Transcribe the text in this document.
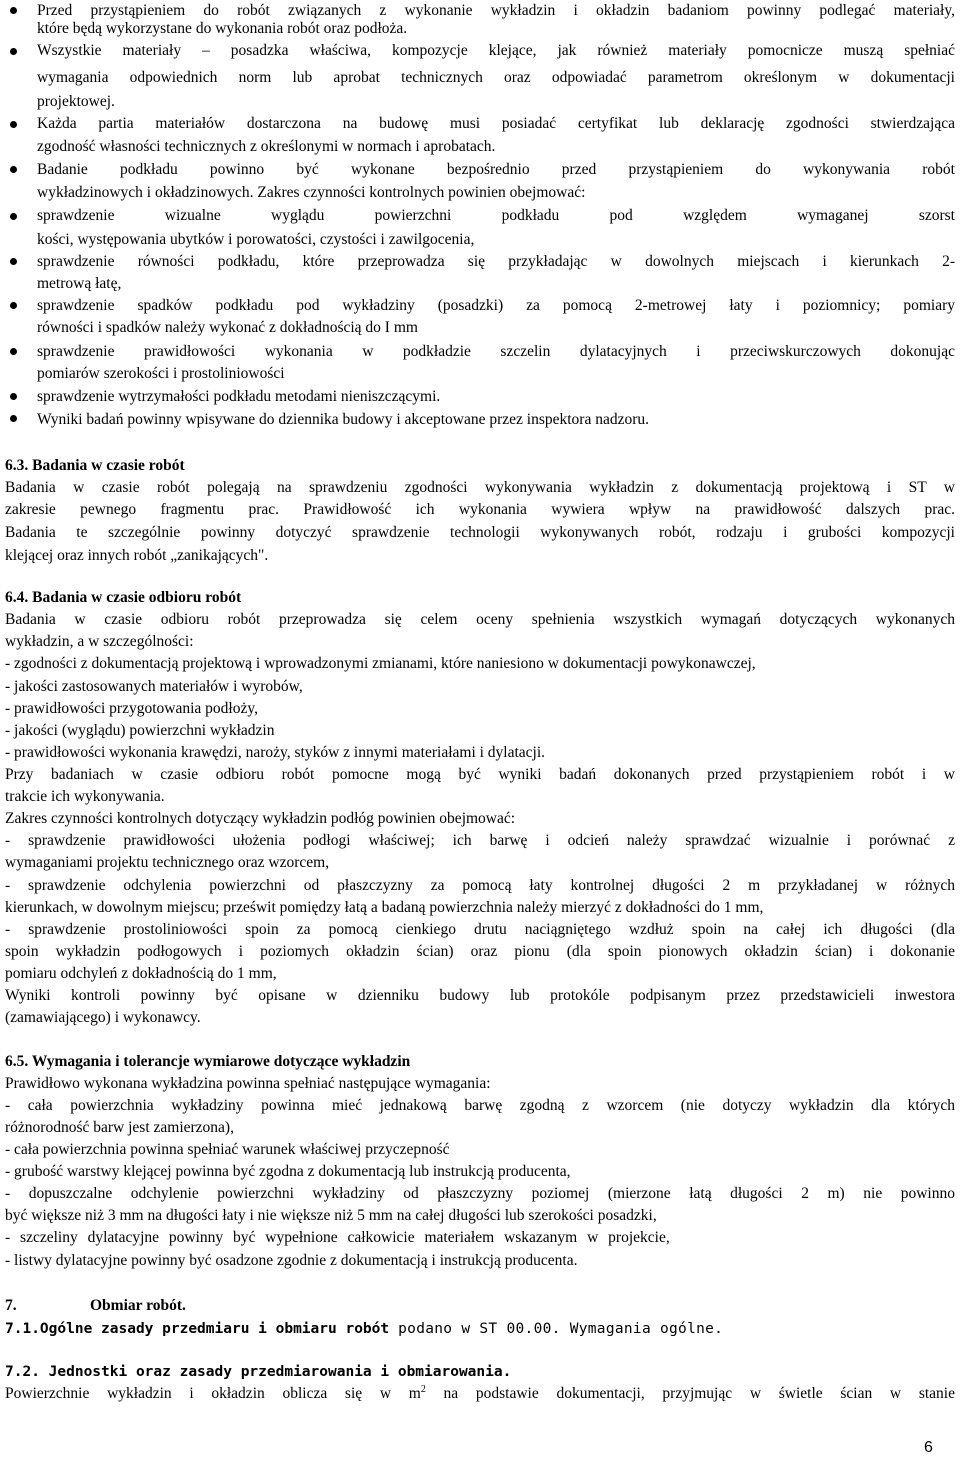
Przed przystąpieniem do robót związanych z wykonanie wykładzin i okładzin badaniom powinny podlegać materiały,
które będą wykorzystane do wykonania robót oraz podłoża.
Wszystkie materiały – posadzka właściwa, kompozycje klejące, jak również materiały pomocnicze muszą spełniać
wymagania odpowiednich norm lub aprobat technicznych oraz odpowiadać parametrom określonym w dokumentacji
projektowej.
Każda partia materiałów dostarczona na budowę musi posiadać certyfikat lub deklarację zgodności stwierdzająca
zgodność własności technicznych z określonymi w normach i aprobatach.
Badanie podkładu powinno być wykonane bezpośrednio przed przystąpieniem do wykonywania robót
wykładzinowych i okładzinowych. Zakres czynności kontrolnych powinien obejmować:
sprawdzenie wizualne wyglądu powierzchni podkładu pod względem wymaganej szorst
kości, występowania ubytków i porowatości, czystości i zawilgocenia,
sprawdzenie równości podkładu, które przeprowadza się przykładając w dowolnych miejscach i kierunkach 2-
metrową łatę,
sprawdzenie spadków podkładu pod wykładziny (posadzki) za pomocą 2-metrowej łaty i poziomnicy; pomiary
równości i spadków należy wykonać z dokładnością do I mm
sprawdzenie prawidłowości wykonania w podkładzie szczelin dylatacyjnych i przeciwskurczowych dokonując
pomiarów szerokości i prostoliniowości
sprawdzenie wytrzymałości podkładu metodami nieniszczącymi.
Wyniki badań powinny wpisywane do dziennika budowy i akceptowane przez inspektora nadzoru.
6.3. Badania w czasie robót
Badania w czasie robót polegają na sprawdzeniu zgodności wykonywania wykładzin z dokumentacją projektową i ST w
zakresie pewnego fragmentu prac. Prawidłowość ich wykonania wywiera wpływ na prawidłowość dalszych prac.
Badania te szczególnie powinny dotyczyć sprawdzenie technologii wykonywanych robót, rodzaju i grubości kompozycji
klejącej oraz innych robót „zanikających".
6.4. Badania w czasie odbioru robót
Badania w czasie odbioru robót przeprowadza się celem oceny spełnienia wszystkich wymagań dotyczących wykonanych
wykładzin, a w szczególności:
- zgodności z dokumentacją projektową i wprowadzonymi zmianami, które naniesiono w dokumentacji powykonawczej,
- jakości zastosowanych materiałów i wyrobów,
- prawidłowości przygotowania podłoży,
- jakości (wyglądu) powierzchni wykładzin
- prawidłowości wykonania krawędzi, naroży, styków z innymi materiałami i dylatacji.
Przy badaniach w czasie odbioru robót pomocne mogą być wyniki badań dokonanych przed przystąpieniem robót i w
trakcie ich wykonywania.
Zakres czynności kontrolnych dotyczący wykładzin podłóg powinien obejmować:
- sprawdzenie prawidłowości ułożenia podłogi właściwej; ich barwę i odcień należy sprawdzać wizualnie i porównać z
wymaganiami projektu technicznego oraz wzorcem,
- sprawdzenie odchylenia powierzchni od płaszczyzny za pomocą łaty kontrolnej długości 2 m przykładanej w różnych
kierunkach, w dowolnym miejscu; prześwit pomiędzy łatą a badaną powierzchnia należy mierzyć z dokładności do 1 mm,
- sprawdzenie prostoliniowości spoin za pomocą cienkiego drutu naciągniętego wzdłuż spoin na całej ich długości (dla
spoin wykładzin podłogowych i poziomych okładzin ścian) oraz pionu (dla spoin pionowych okładzin ścian) i dokonanie
pomiaru odchyleń z dokładnością do 1 mm,
Wyniki kontroli powinny być opisane w dzienniku budowy lub protokóle podpisanym przez przedstawicieli inwestora
(zamawiającego) i wykonawcy.
6.5. Wymagania i tolerancje wymiarowe dotyczące wykładzin
Prawidłowo wykonana wykładzina powinna spełniać następujące wymagania:
- cała powierzchnia wykładziny powinna mieć jednakową barwę zgodną z wzorcem (nie dotyczy wykładzin dla których
różnorodność barw jest zamierzona),
- cała powierzchnia powinna spełniać warunek właściwej przyczepność
- grubość warstwy klejącej powinna być zgodna z dokumentacją lub instrukcją producenta,
- dopuszczalne odchylenie powierzchni wykładziny od płaszczyzny poziomej (mierzone łatą długości 2 m) nie powinno
być większe niż 3 mm na długości łaty i nie większe niż 5 mm na całej długości lub szerokości posadzki,
- szczeliny dylatacyjne powinny być wypełnione całkowicie materiałem wskazanym w projekcie,
- listwy dylatacyjne powinny być osadzone zgodnie z dokumentacją i instrukcją producenta.
7.	Obmiar robót.
7.1.Ogólne zasady przedmiaru i obmiaru robót podano w ST 00.00. Wymagania ogólne.
7.2. Jednostki oraz zasady przedmiarowania i obmiarowania.
Powierzchnie wykładzin i okładzin oblicza się w $m^2$ na podstawie dokumentacji, przyjmując w świetle ścian w stanie
6
